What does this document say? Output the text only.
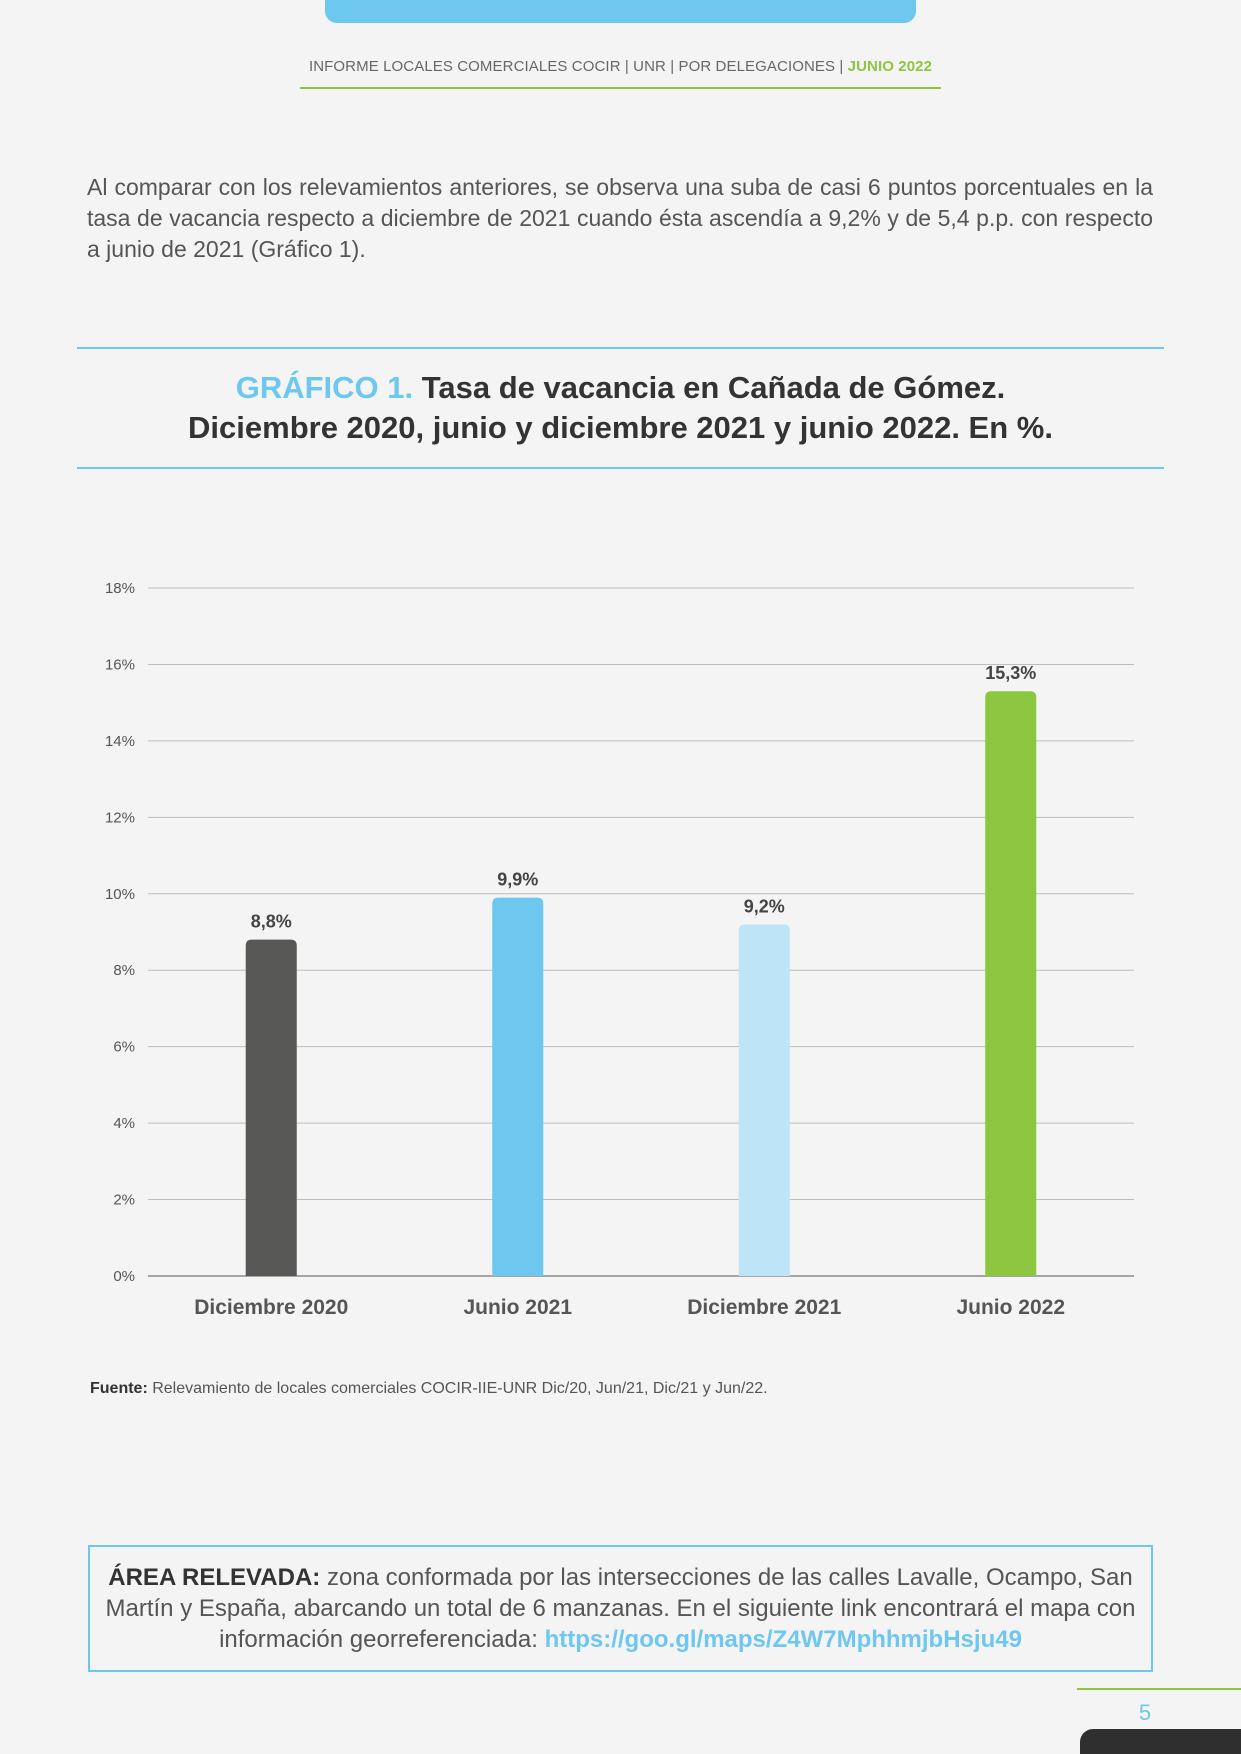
INFORME LOCALES COMERCIALES COCIR | UNR | POR DELEGACIONES | JUNIO 2022

Al comparar con los relevamientos anteriores, se observa una suba de casi 6 puntos porcentuales en la tasa de vacancia respecto a diciembre de 2021 cuando ésta ascendía a 9,2% y de 5,4 p.p. con respecto a junio de 2021 (Gráfico 1).

GRÁFICO 1. Tasa de vacancia en Cañada de Gómez.
Diciembre 2020, junio y diciembre 2021 y junio 2022. En %.
0%
2%
4%
6%
8%
10%
12%
14%
16%
18%
8,8%
Diciembre 2020
9,9%
Junio 2021
9,2%
Diciembre 2021
15,3%
Junio 2022
Fuente: Relevamiento de locales comerciales COCIR-IIE-UNR Dic/20, Jun/21, Dic/21 y Jun/22.
ÁREA RELEVADA: zona conformada por las intersecciones de las calles Lavalle, Ocampo, San Martín y España, abarcando un total de 6 manzanas. En el siguiente link encontrará el mapa con información georreferenciada: https://goo.gl/maps/Z4W7MphhmjbHsju49
5
